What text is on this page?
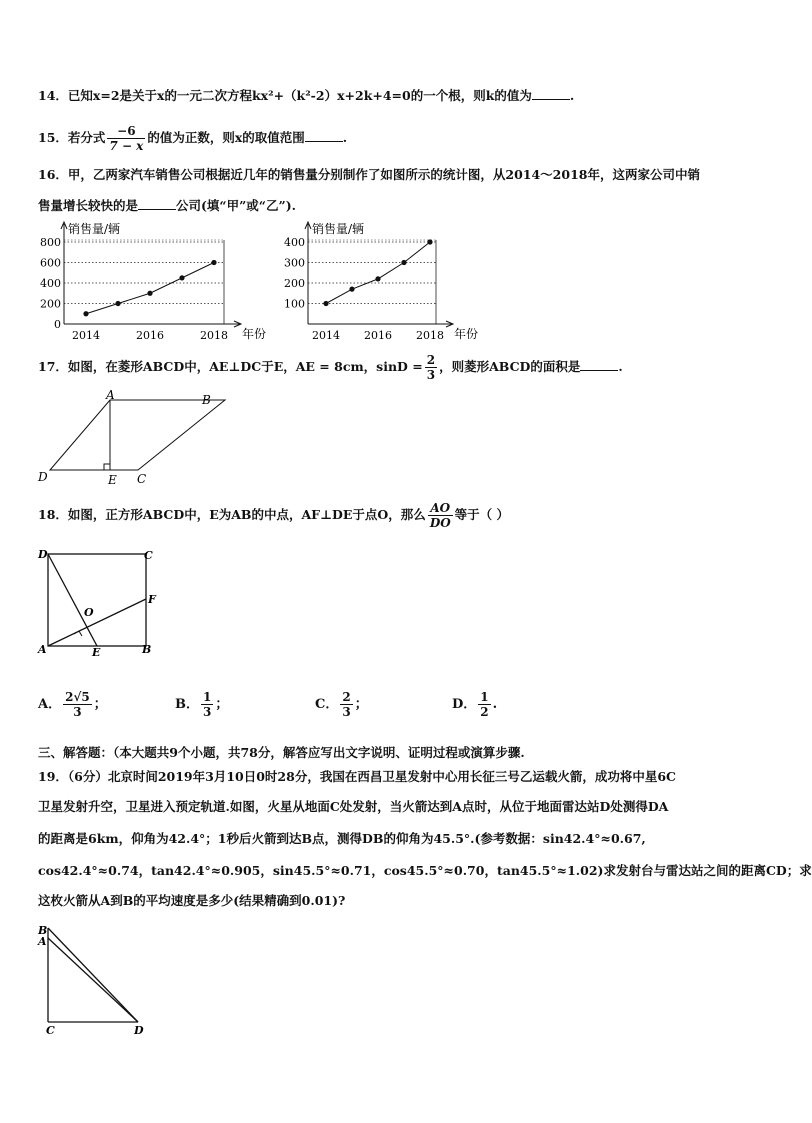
14．已知x=2是关于x的一元二次方程kx²+（k²-2）x+2k+4=0的一个根，则k的值为	.
15．若分式 $\frac{-6}{7 - x}$ 的值为正数，则x的取值范围	.
16．甲，乙两家汽车销售公司根据近几年的销售量分别制作了如图所示的统计图，从2014～2018年，这两家公司中销
售量增长较快的是	公司(填“甲”或“乙”).
0
200
400
600
800
销售量/辆
年份
2014	2016	2018
100
200
300
400
销售量/辆
年份
2014 2016 2018
17．如图，在菱形ABCD中，AE⊥DC于E，AE = 8cm，$\sin D = \frac{2}{3}$ ，则菱形ABCD的面积是	.
A	B
C
D	E
18．如图，正方形ABCD中，E为AB的中点，AF⊥DE于点O，那么 $\frac{AO}{DO}$ 等于（ ）
D	C
F
O
A	E	B
A． $\frac{2√5}{3}$ ；	B． $\frac{1}{3}$ ；	C． $\frac{2}{3}$ ；	D． $\frac{1}{2}$ .
三、解答题：（本大题共9个小题，共78分，解答应写出文字说明、证明过程或演算步骤.
19．（6分）北京时间2019年3月10日0时28分，我国在西昌卫星发射中心用长征三号乙运载火箭，成功将中星6C
卫星发射升空，卫星进入预定轨道.如图，火星从地面C处发射，当火箭达到A点时，从位于地面雷达站D处测得DA
的距离是6km，仰角为42.4°；1秒后火箭到达B点，测得DB的仰角为45.5°.(参考数据：sin42.4°≈0.67,
cos42.4°≈0.74，tan42.4°≈0.905，sin45.5°≈0.71，cos45.5°≈0.70，tan45.5°≈1.02)求发射台与雷达站之间的距离CD；求
这枚火箭从A到B的平均速度是多少(结果精确到0.01)?
B
A
C	D
